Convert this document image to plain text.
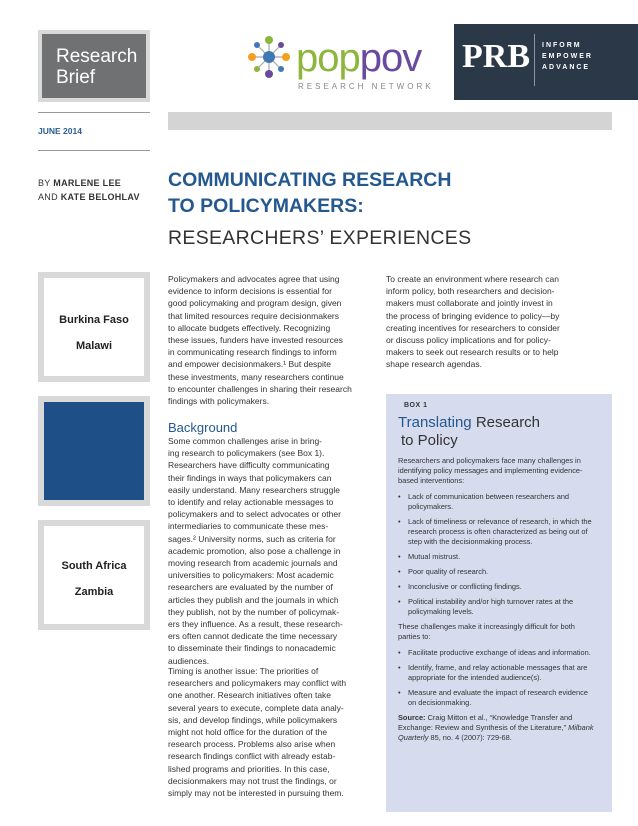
Research
Brief	poppov
RESEARCH NETWORK
PRB INFORM
EMPOWER
ADVANCE
JUNE 2014
BY MARLENE LEE
AND KATE BELOHLAV
COMMUNICATING RESEARCH
TO POLICYMAKERS:
RESEARCHERS’ EXPERIENCES
Burkina Faso
Malawi
South Africa
Zambia

Policymakers and advocates agree that using

evidence to inform decisions is essential for

good policymaking and program design, given

that limited resources require decisionmakers

to allocate budgets effectively. Recognizing

these issues, funders have invested resources

in communicating research findings to inform

and empower decisionmakers.¹ But despite

these investments, many researchers continue

to encounter challenges in sharing their research

findings with policymakers.

Background

Some common challenges arise in bring-

ing research to policymakers (see Box 1).

Researchers have difficulty communicating

their findings in ways that policymakers can

easily understand. Many researchers struggle

to identify and relay actionable messages to

policymakers and to select advocates or other

intermediaries to communicate these mes-

sages.² University norms, such as criteria for

academic promotion, also pose a challenge in

moving research from academic journals and

universities to policymakers: Most academic

researchers are evaluated by the number of

articles they publish and the journals in which

they publish, not by the number of policymak-

ers they influence. As a result, these research-

ers often cannot dedicate the time necessary

to disseminate their findings to nonacademic

audiences.

Timing is another issue: The priorities of

researchers and policymakers may conflict with

one another. Research initiatives often take

several years to execute, complete data analy-

sis, and develop findings, while policymakers

might not hold office for the duration of the

research process. Problems also arise when

research findings conflict with already estab-

lished programs and priorities. In this case,

decisionmakers may not trust the findings, or

simply may not be interested in pursuing them.

To create an environment where research can

inform policy, both researchers and decision-

makers must collaborate and jointly invest in

the process of bringing evidence to policy—by

creating incentives for researchers to consider

or discuss policy implications and for policy-

makers to seek out research results or to help

shape research agendas.

BOX 1
Translating Research
to Policy

Researchers and policymakers face many challenges in identifying policy messages and implementing evidence-based interventions:

• Lack of communication between researchers and policymakers.
• Lack of timeliness or relevance of research, in which the research process is often characterized as being out of step with the decisionmaking process.
• Mutual mistrust.
• Poor quality of research.
• Inconclusive or conflicting findings.
• Political instability and/or high turnover rates at the policymaking levels.

These challenges make it increasingly difficult for both parties to:

• Facilitate productive exchange of ideas and information.
• Identify, frame, and relay actionable messages that are appropriate for the intended audience(s).
• Measure and evaluate the impact of research evidence on decisionmaking.

Source: Craig Mitton et al., “Knowledge Transfer and Exchange: Review and Synthesis of the Literature,” Milbank Quarterly 85, no. 4 (2007): 729-68.
